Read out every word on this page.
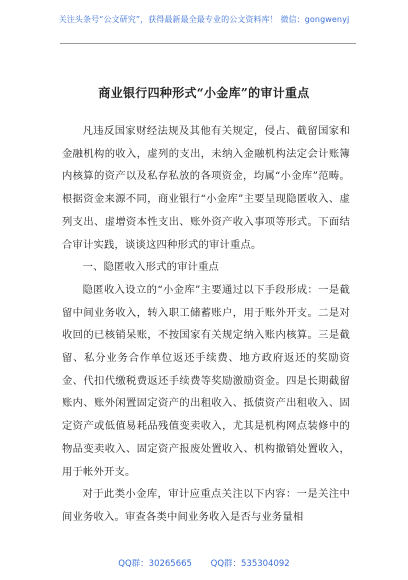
关注头条号“公文研究”，获得最新最全最专业的公文资料库！ 微信：gongwenyj
商业银行四种形式“小金库”的审计重点

凡违反国家财经法规及其他有关规定，侵占、截留国家和金融机构的收入，虚列的支出，未纳入金融机构法定会计账簿内核算的资产以及私存私放的各项资金，均属“小金库”范畴。根据资金来源不同，商业银行“小金库”主要呈现隐匿收入、虚列支出、虚增资本性支出、账外资产收入事项等形式。下面结合审计实践，谈谈这四种形式的审计重点。

一、隐匿收入形式的审计重点

隐匿收入设立的“小金库”主要通过以下手段形成：一是截留中间业务收入，转入职工储蓄账户，用于账外开支。二是对收回的已核销呆账，不按国家有关规定纳入账内核算。三是截留、私分业务合作单位返还手续费、地方政府返还的奖励资金、代扣代缴税费返还手续费等奖励激励资金。四是长期截留账内、账外闲置固定资产的出租收入、抵债资产出租收入、固定资产或低值易耗品残值变卖收入，尤其是机构网点装修中的物品变卖收入、固定资产报废处置收入、机构撤销处置收入，用于帐外开支。

对于此类小金库，审计应重点关注以下内容：一是关注中间业务收入。审查各类中间业务收入是否与业务量相

QQ群：30265665 QQ群：535304092
